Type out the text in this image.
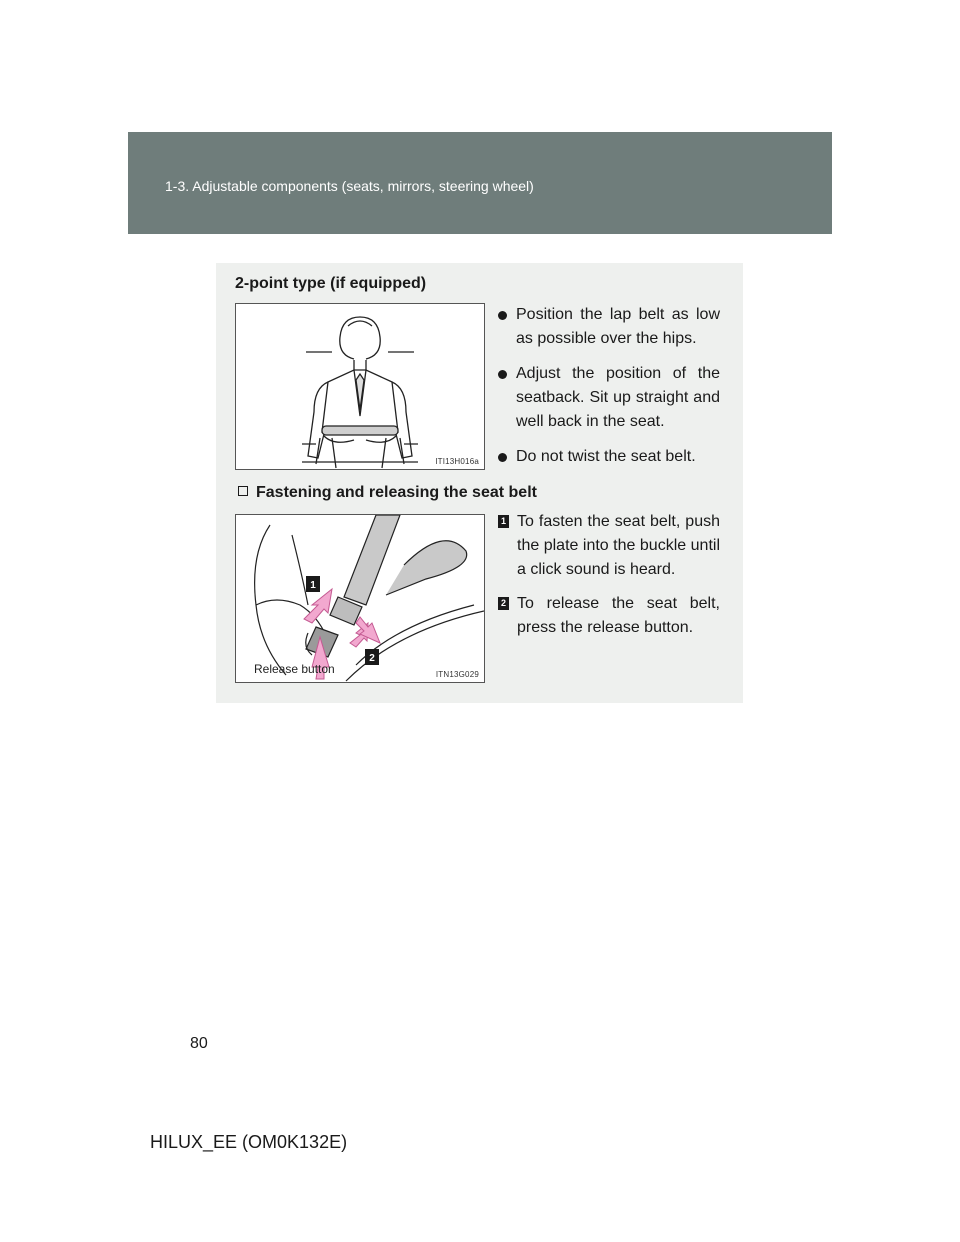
1-3. Adjustable components (seats, mirrors, steering wheel)
2-point type (if equipped)
ITI13H016a
Position the lap belt as low as possible over the hips.
Adjust the position of the seatback. Sit up straight and well back in the seat.
Do not twist the seat belt.
Fastening and releasing the seat belt
1
2
Release button	ITN13G029
1 To fasten the seat belt, push the plate into the buckle until a click sound is heard.
2 To release the seat belt, press the release button.
80
HILUX_EE (OM0K132E)
